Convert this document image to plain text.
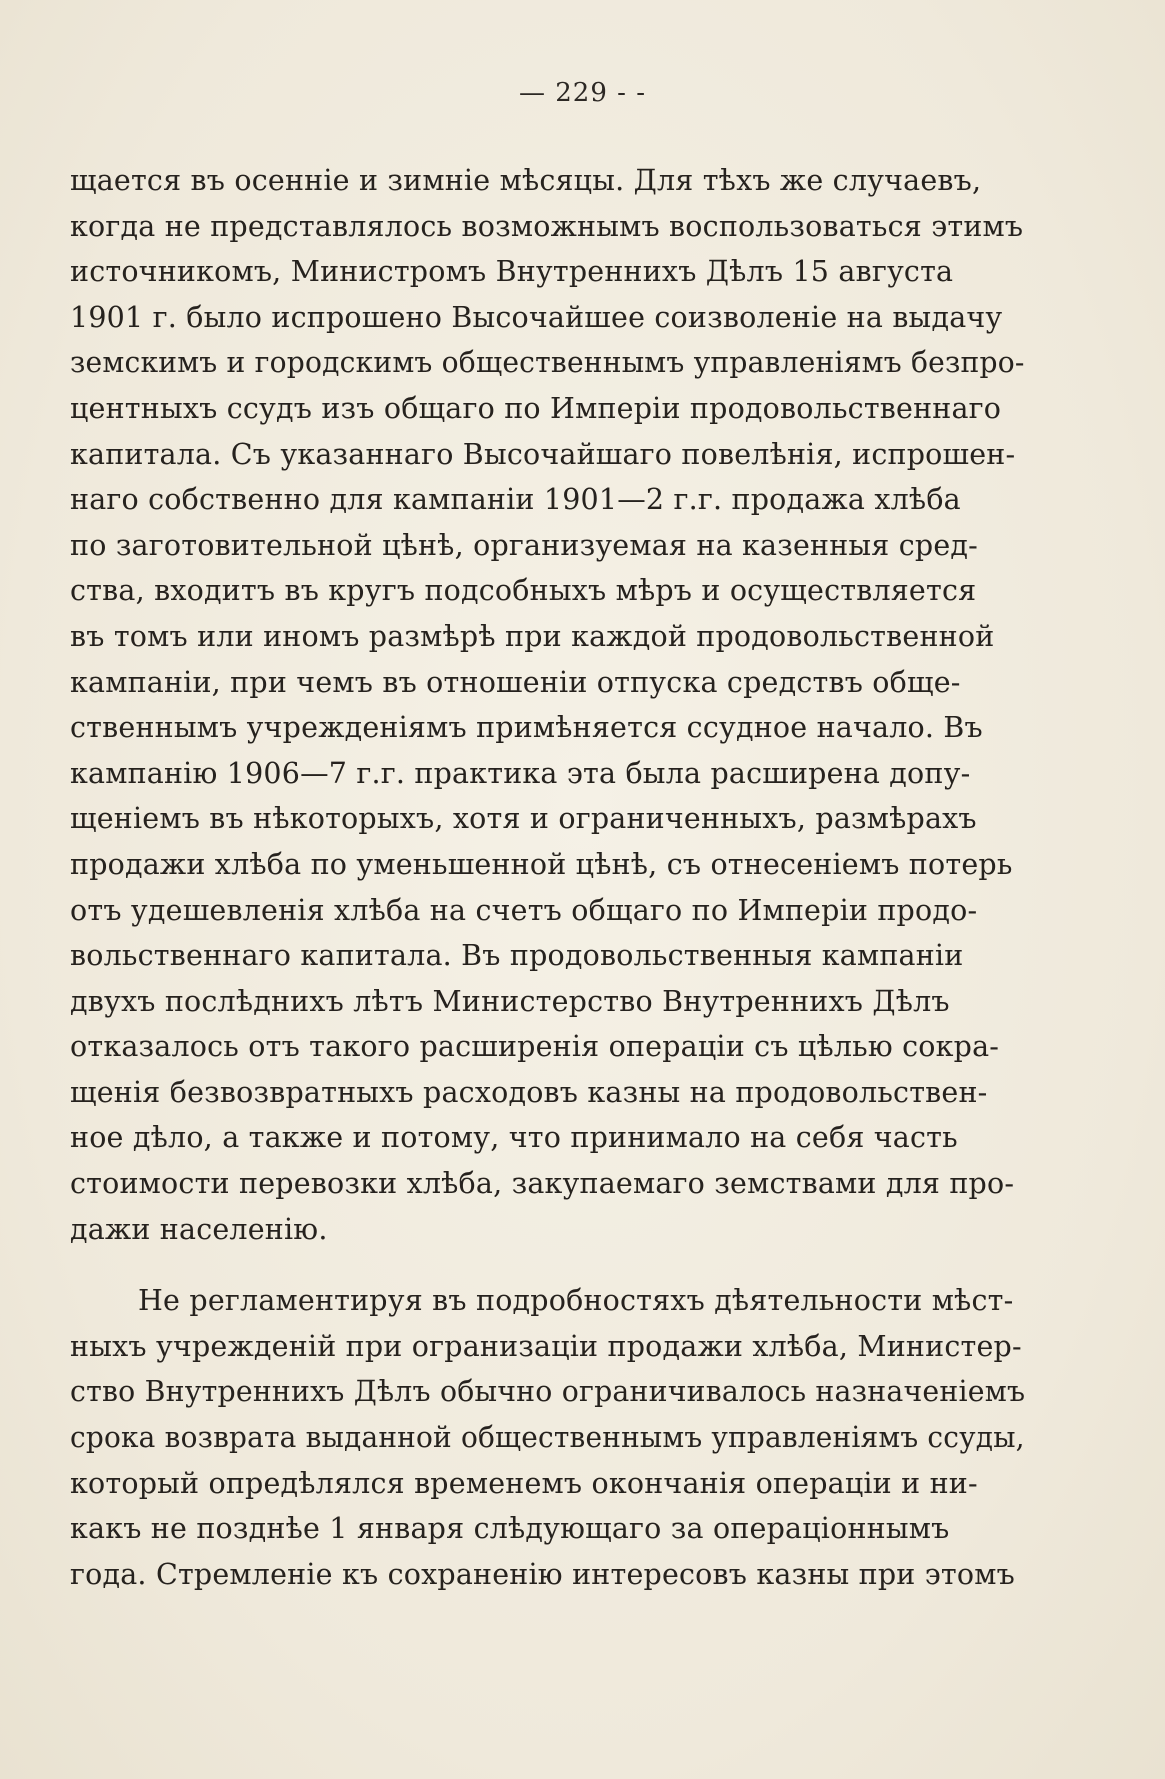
— 229 - -
щается въ осенніе и зимніе мѣсяцы. Для тѣхъ же случаевъ,
когда не представлялось возможнымъ воспользоваться этимъ
источникомъ, Министромъ Внутреннихъ Дѣлъ 15 августа
1901 г. было испрошено Высочайшее соизволеніе на выдачу
земскимъ и городскимъ общественнымъ управленіямъ безпро-
центныхъ ссудъ изъ общаго по Имперіи продовольственнаго
капитала. Съ указаннаго Высочайшаго повелѣнія, испрошен-
наго собственно для кампаніи 1901—2 г.г. продажа хлѣба
по заготовительной цѣнѣ, организуемая на казенныя сред-
ства, входитъ въ кругъ подсобныхъ мѣръ и осуществляется
въ томъ или иномъ размѣрѣ при каждой продовольственной
кампаніи, при чемъ въ отношеніи отпуска средствъ обще-
ственнымъ учрежденіямъ примѣняется ссудное начало. Въ
кампанію 1906—7 г.г. практика эта была расширена допу-
щеніемъ въ нѣкоторыхъ, хотя и ограниченныхъ, размѣрахъ
продажи хлѣба по уменьшенной цѣнѣ, съ отнесеніемъ потерь
отъ удешевленія хлѣба на счетъ общаго по Имперіи продо-
вольственнаго капитала. Въ продовольственныя кампаніи
двухъ послѣднихъ лѣтъ Министерство Внутреннихъ Дѣлъ
отказалось отъ такого расширенія операціи съ цѣлью сокра-
щенія безвозвратныхъ расходовъ казны на продовольствен-
ное дѣло, а также и потому, что принимало на себя часть
стоимости перевозки хлѣба, закупаемаго земствами для про-
дажи населенію.
Не регламентируя въ подробностяхъ дѣятельности мѣст-
ныхъ учрежденій при огранизаціи продажи хлѣба, Министер-
ство Внутреннихъ Дѣлъ обычно ограничивалось назначеніемъ
срока возврата выданной общественнымъ управленіямъ ссуды,
который опредѣлялся временемъ окончанія операціи и ни-
какъ не позднѣе 1 января слѣдующаго за операціоннымъ
года. Стремленіе къ сохраненію интересовъ казны при этомъ
